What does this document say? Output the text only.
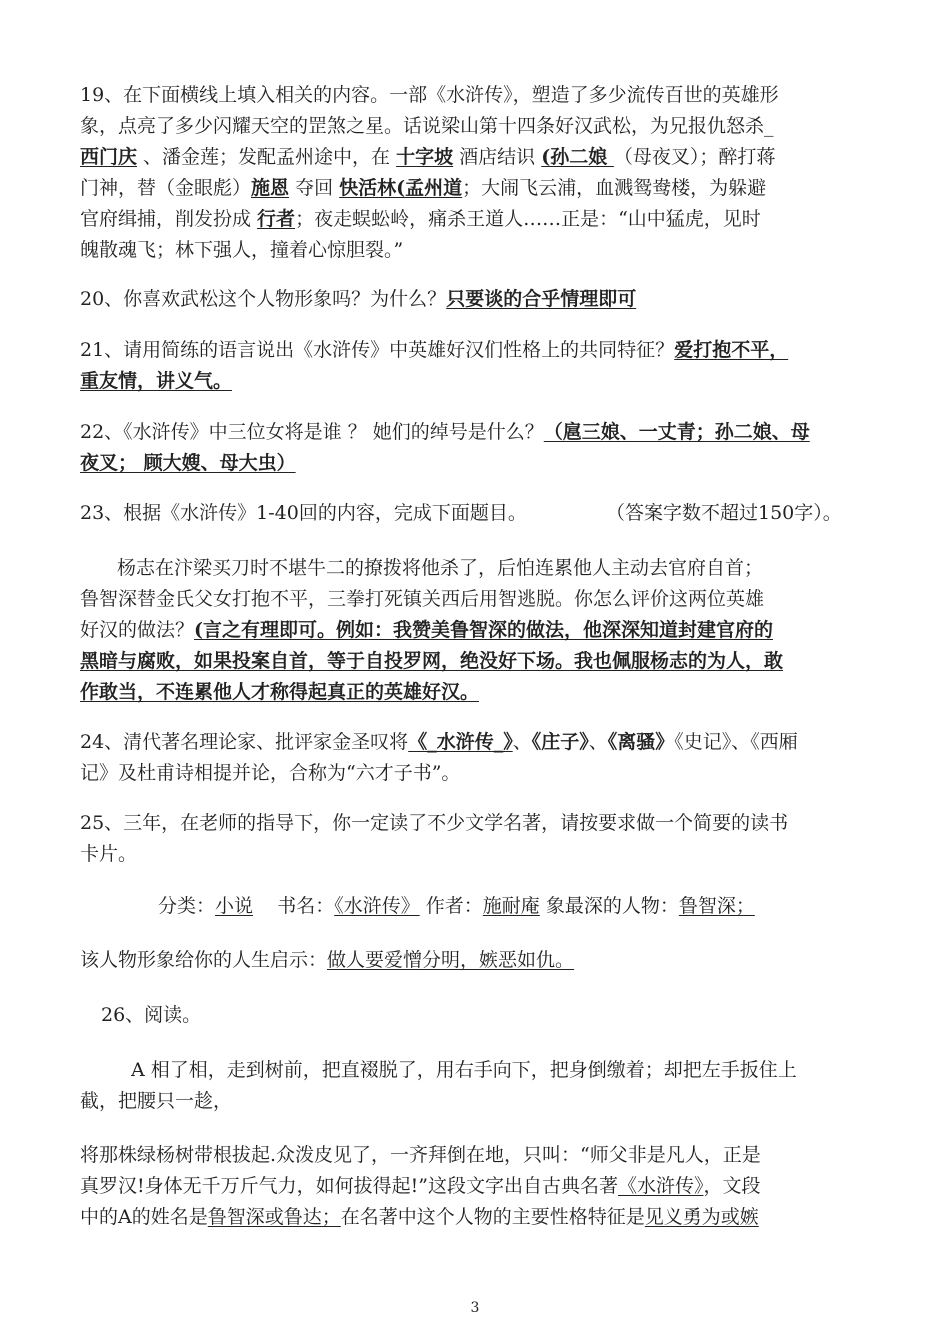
19、在下面横线上填入相关的内容。一部《水浒传》，塑造了多少流传百世的英雄形
象，点亮了多少闪耀天空的罡煞之星。话说梁山第十四条好汉武松，为兄报仇怒杀_
西门庆 、潘金莲；发配孟州途中，在 十字坡 酒店结识 (孙二娘 （母夜叉）；醉打蒋
门神，替（金眼彪）施恩 夺回 快活林(孟州道；大闹飞云浦，血溅鸳鸯楼，为躲避
官府缉捕，削发扮成 行者；夜走蜈蚣岭，痛杀王道人……正是：“山中猛虎，见时
魄散魂飞；林下强人，撞着心惊胆裂。”
20、你喜欢武松这个人物形象吗？为什么？只要谈的合乎情理即可
21、请用简练的语言说出《水浒传》中英雄好汉们性格上的共同特征？爱打抱不平，
重友情，讲义气。
22、《水浒传》中三位女将是谁 ？ 她们的绰号是什么？（扈三娘、一丈青；孙二娘、母
夜叉； 顾大嫂、母大虫）
23、根据《水浒传》1-40回的内容，完成下面题目。	（答案字数不超过150字）。
杨志在汴梁买刀时不堪牛二的撩拨将他杀了，后怕连累他人主动去官府自首；
鲁智深替金氏父女打抱不平，三拳打死镇关西后用智逃脱。你怎么评价这两位英雄
好汉的做法？(言之有理即可。例如：我赞美鲁智深的做法，他深深知道封建官府的
黑暗与腐败，如果投案自首，等于自投罗网，绝没好下场。我也佩服杨志的为人，敢
作敢当，不连累他人才称得起真正的英雄好汉。
24、清代著名理论家、批评家金圣叹将《_水浒传_》、《庄子》、《离骚》《史记》、《西厢
记》及杜甫诗相提并论，合称为“六才子书”。
25、三年，在老师的指导下，你一定读了不少文学名著，请按要求做一个简要的读书
卡片。
分类：小说    书名：《水浒传》 作者：施耐庵 象最深的人物：鲁智深；
该人物形象给你的人生启示：做人要爱憎分明，嫉恶如仇。
26、阅读。
A 相了相，走到树前，把直裰脱了，用右手向下，把身倒缴着；却把左手扳住上
截，把腰只一趁，
将那株绿杨树带根拔起.众泼皮见了，一齐拜倒在地，只叫：“师父非是凡人，正是
真罗汉!身体无千万斤气力，如何拔得起!”这段文字出自古典名著《水浒传》，文段
中的A的姓名是鲁智深或鲁达；在名著中这个人物的主要性格特征是见义勇为或嫉
3
